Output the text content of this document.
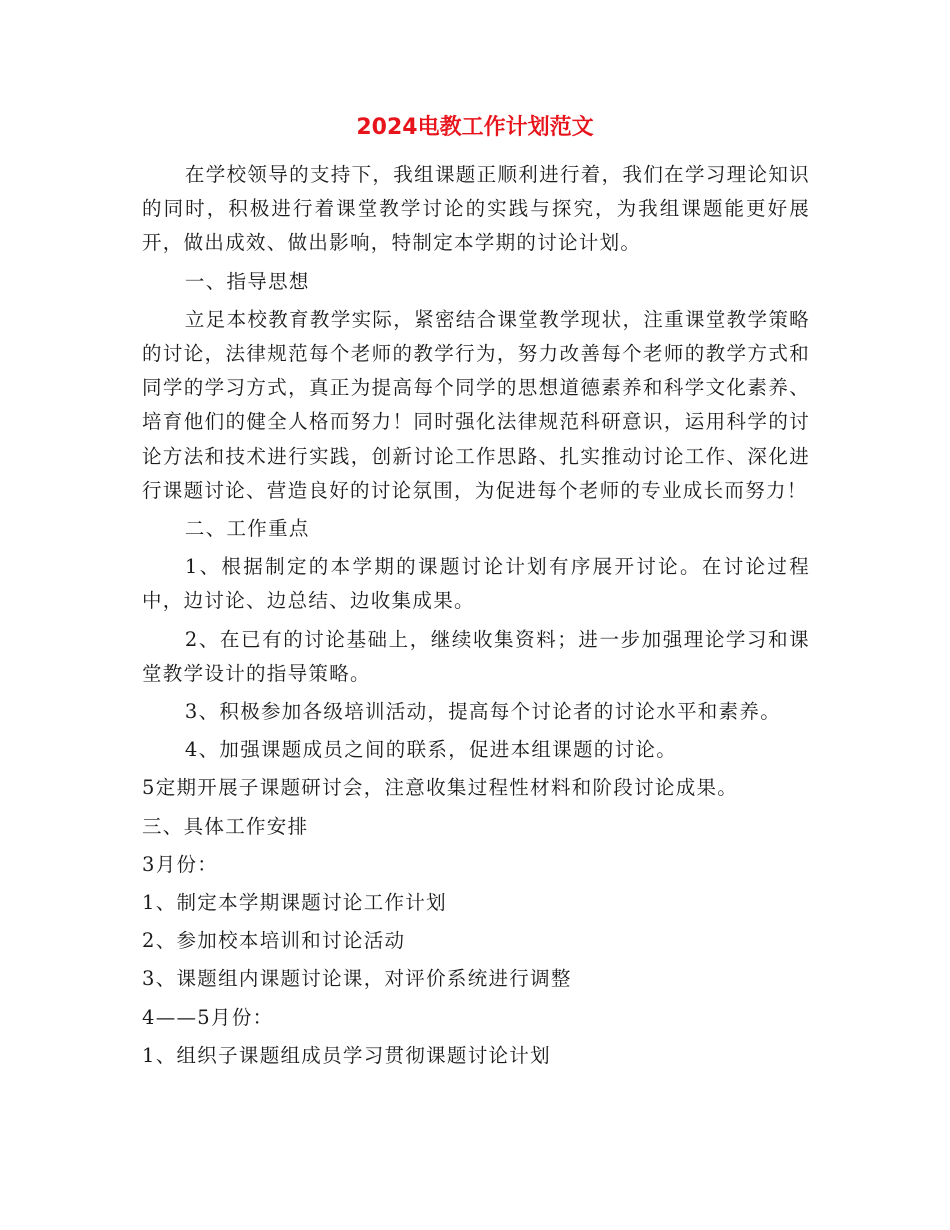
2024电教工作计划范文

在学校领导的支持下，我组课题正顺利进行着，我们在学习理论知识的同时，积极进行着课堂教学讨论的实践与探究，为我组课题能更好展开，做出成效、做出影响，特制定本学期的讨论计划。

一、指导思想

立足本校教育教学实际，紧密结合课堂教学现状，注重课堂教学策略的讨论，法律规范每个老师的教学行为，努力改善每个老师的教学方式和同学的学习方式，真正为提高每个同学的思想道德素养和科学文化素养、培育他们的健全人格而努力！同时强化法律规范科研意识，运用科学的讨论方法和技术进行实践，创新讨论工作思路、扎实推动讨论工作、深化进行课题讨论、营造良好的讨论氛围，为促进每个老师的专业成长而努力！

二、工作重点

1、根据制定的本学期的课题讨论计划有序展开讨论。在讨论过程中，边讨论、边总结、边收集成果。

2、在已有的讨论基础上，继续收集资料；进一步加强理论学习和课堂教学设计的指导策略。

3、积极参加各级培训活动，提高每个讨论者的讨论水平和素养。

4、加强课题成员之间的联系，促进本组课题的讨论。

5定期开展子课题研讨会，注意收集过程性材料和阶段讨论成果。

三、具体工作安排

3月份：

1、制定本学期课题讨论工作计划

2、参加校本培训和讨论活动

3、课题组内课题讨论课，对评价系统进行调整

4——5月份：

1、组织子课题组成员学习贯彻课题讨论计划
